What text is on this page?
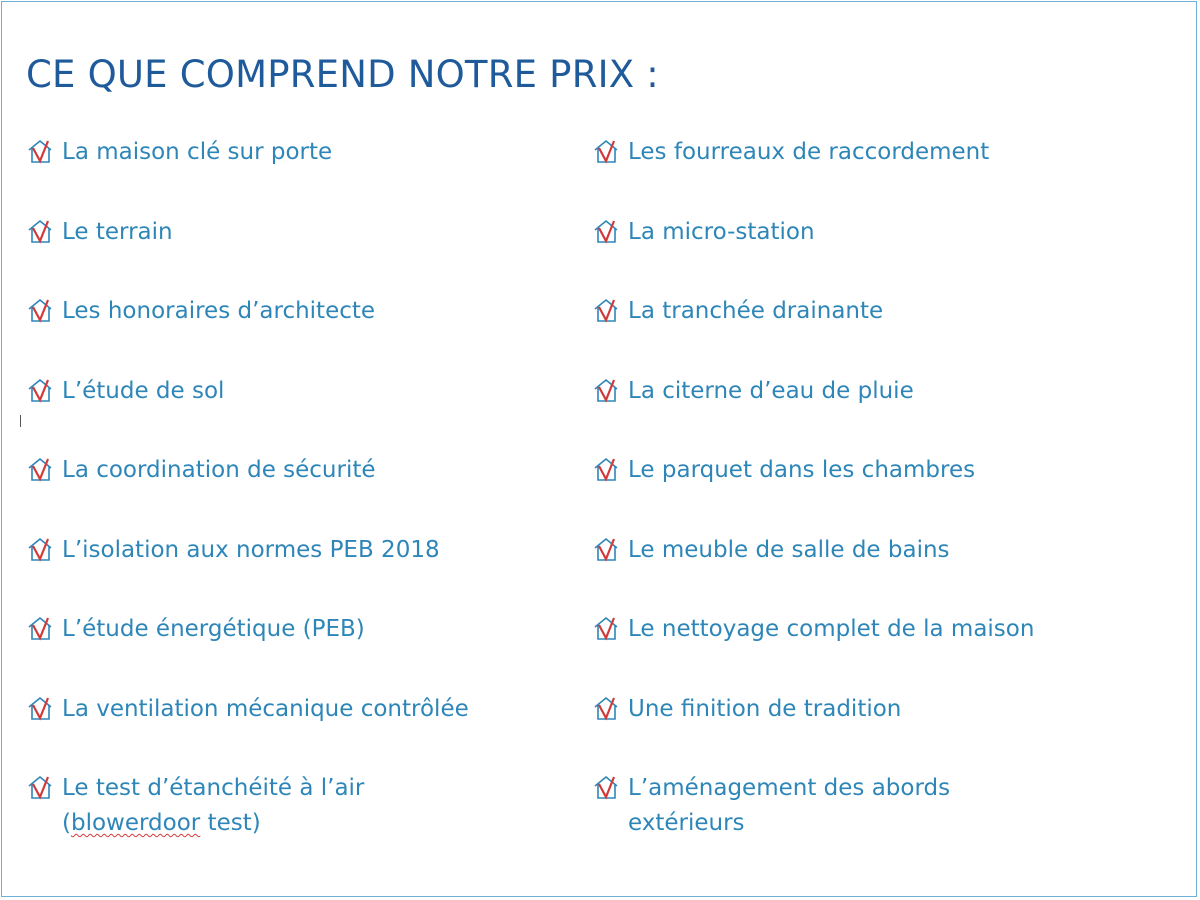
CE QUE COMPREND NOTRE PRIX :
La maison clé sur porte
Le terrain
Les honoraires d’architecte
L’étude de sol
La coordination de sécurité
L’isolation aux normes PEB 2018
L’étude énergétique (PEB)
La ventilation mécanique contrôlée
Le test d’étanchéité à l’air
(blowerdoor test)
Les fourreaux de raccordement
La micro-station
La tranchée drainante
La citerne d’eau de pluie
Le parquet dans les chambres
Le meuble de salle de bains
Le nettoyage complet de la maison
Une finition de tradition
L’aménagement des abords
extérieurs
